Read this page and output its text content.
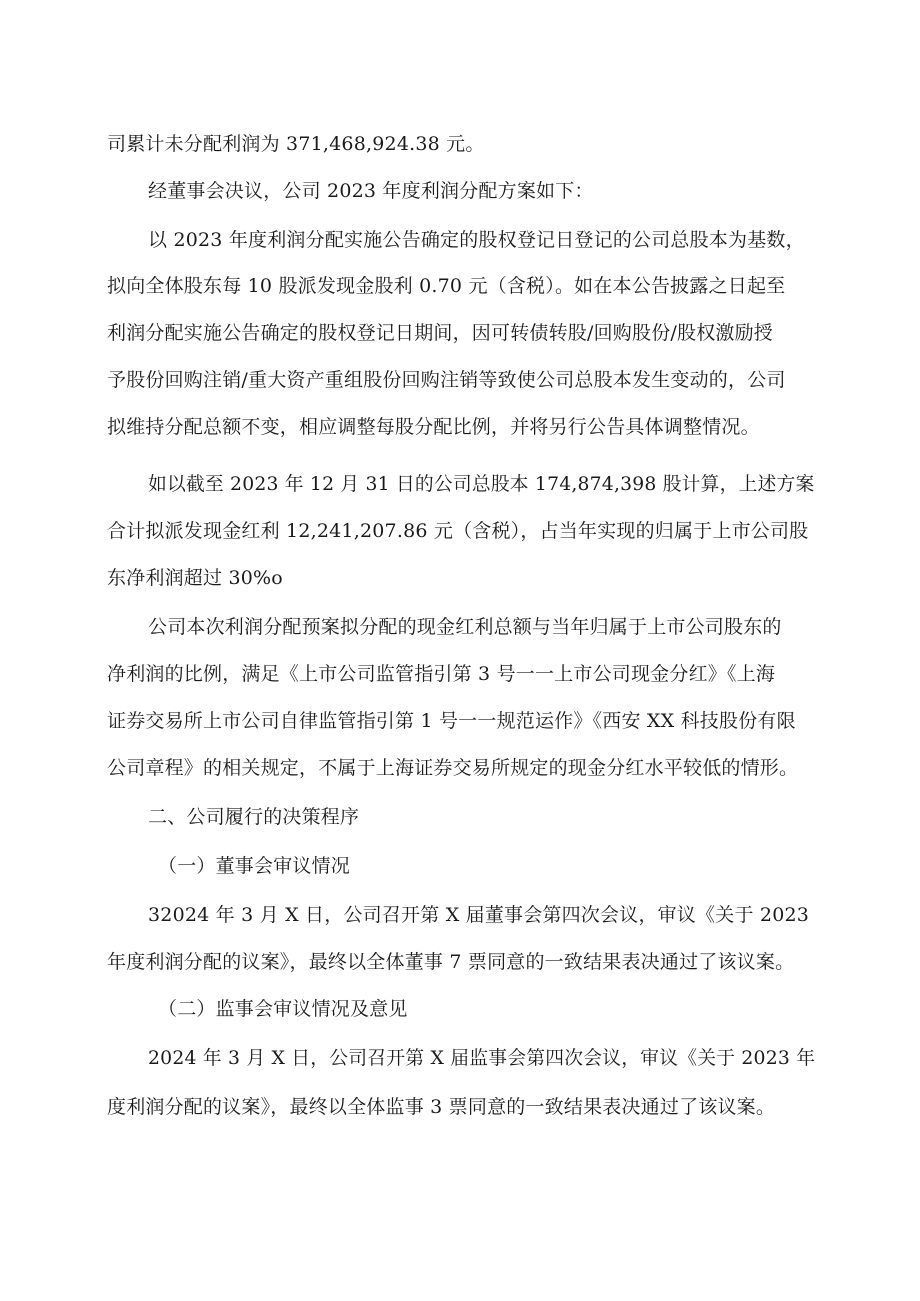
司累计未分配利润为 371,468,924.38 元。
经董事会决议，公司 2023 年度利润分配方案如下：
以 2023 年度利润分配实施公告确定的股权登记日登记的公司总股本为基数，
拟向全体股东每 10 股派发现金股利 0.70 元（含税）。如在本公告披露之日起至
利润分配实施公告确定的股权登记日期间，因可转债转股/回购股份/股权激励授
予股份回购注销/重大资产重组股份回购注销等致使公司总股本发生变动的，公司
拟维持分配总额不变，相应调整每股分配比例，并将另行公告具体调整情况。
如以截至 2023 年 12 月 31 日的公司总股本 174,874,398 股计算，上述方案
合计拟派发现金红利 12,241,207.86 元（含税），占当年实现的归属于上市公司股
东净利润超过 30%o
公司本次利润分配预案拟分配的现金红利总额与当年归属于上市公司股东的
净利润的比例，满足《上市公司监管指引第 3 号一一上市公司现金分红》《上海
证券交易所上市公司自律监管指引第 1 号一一规范运作》《西安 XX 科技股份有限
公司章程》的相关规定，不属于上海证券交易所规定的现金分红水平较低的情形。
二、公司履行的决策程序
（一）董事会审议情况
32024 年 3 月 X 日，公司召开第 X 届董事会第四次会议，审议《关于 2023
年度利润分配的议案》，最终以全体董事 7 票同意的一致结果表决通过了该议案。
（二）监事会审议情况及意见
2024 年 3 月 X 日，公司召开第 X 届监事会第四次会议，审议《关于 2023 年
度利润分配的议案》，最终以全体监事 3 票同意的一致结果表决通过了该议案。
